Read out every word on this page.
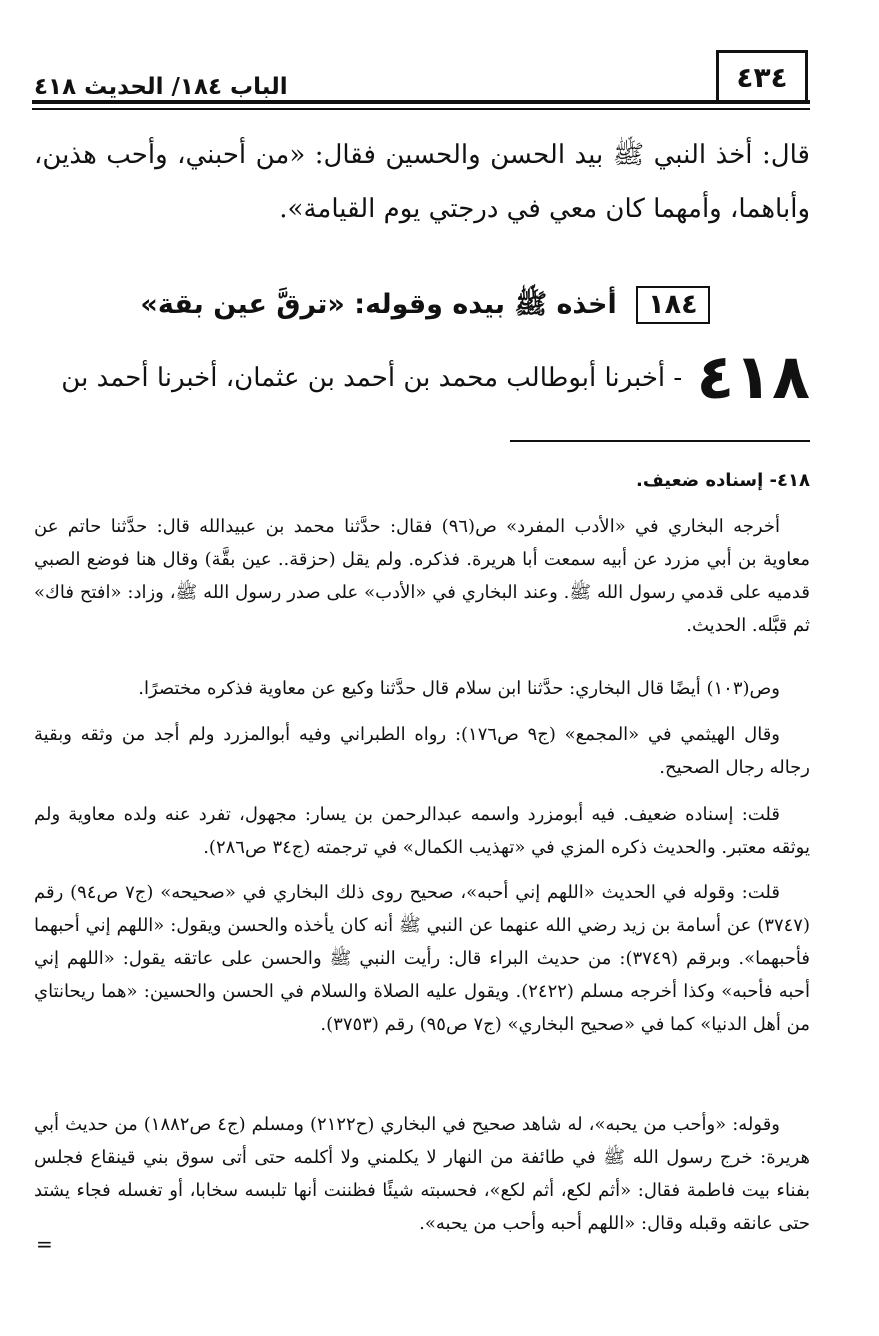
٤٣٤
الباب ١٨٤/ الحديث ٤١٨
قال: أخذ النبي ﷺ بيد الحسن والحسين فقال: «من أحبني، وأحب هذين، وأباهما، وأمهما كان معي في درجتي يوم القيامة».
١٨٤ أخذه ﷺ بيده وقوله: «ترقَّ عين بقة»
٤١٨ - أخبرنا أبوطالب محمد بن أحمد بن عثمان، أخبرنا أحمد بن
٤١٨- إسناده ضعيف.
أخرجه البخاري في «الأدب المفرد» ص(٩٦) فقال: حدَّثنا محمد بن عبيدالله قال: حدَّثنا حاتم عن معاوية بن أبي مزرد عن أبيه سمعت أبا هريرة. فذكره. ولم يقل (حزقة.. عين بقَّة) وقال هنا فوضع الصبي قدميه على قدمي رسول الله ﷺ. وعند البخاري في «الأدب» على صدر رسول الله ﷺ، وزاد: «افتح فاك» ثم قبَّله. الحديث.
وص(١٠٣) أيضًا قال البخاري: حدَّثنا ابن سلام قال حدَّثنا وكيع عن معاوية فذكره مختصرًا.
وقال الهيثمي في «المجمع» (ج٩ ص١٧٦): رواه الطبراني وفيه أبوالمزرد ولم أجد من وثقه وبقية رجاله رجال الصحيح.
قلت: إسناده ضعيف. فيه أبومزرد واسمه عبدالرحمن بن يسار: مجهول، تفرد عنه ولده معاوية ولم يوثقه معتبر. والحديث ذكره المزي في «تهذيب الكمال» في ترجمته (ج٣٤ ص٢٨٦).
قلت: وقوله في الحديث «اللهم إني أحبه»، صحيح روى ذلك البخاري في «صحيحه» (ج٧ ص٩٤) رقم (٣٧٤٧) عن أسامة بن زيد رضي الله عنهما عن النبي ﷺ أنه كان يأخذه والحسن ويقول: «اللهم إني أحبهما فأحبهما». وبرقم (٣٧٤٩): من حديث البراء قال: رأيت النبي ﷺ والحسن على عاتقه يقول: «اللهم إني أحبه فأحبه» وكذا أخرجه مسلم (٢٤٢٢). ويقول عليه الصلاة والسلام في الحسن والحسين: «هما ريحانتاي من أهل الدنيا» كما في «صحيح البخاري» (ج٧ ص٩٥) رقم (٣٧٥٣).
وقوله: «وأحب من يحبه»، له شاهد صحيح في البخاري (ح٢١٢٢) ومسلم (ج٤ ص١٨٨٢) من حديث أبي هريرة: خرج رسول الله ﷺ في طائفة من النهار لا يكلمني ولا أكلمه حتى أتى سوق بني قينقاع فجلس بفناء بيت فاطمة فقال: «أثم لكع، أثم لكع»، فحسبته شيئًا فظننت أنها تلبسه سخابا، أو تغسله فجاء يشتد حتى عانقه وقبله وقال: «اللهم أحبه وأحب من يحبه».
=
